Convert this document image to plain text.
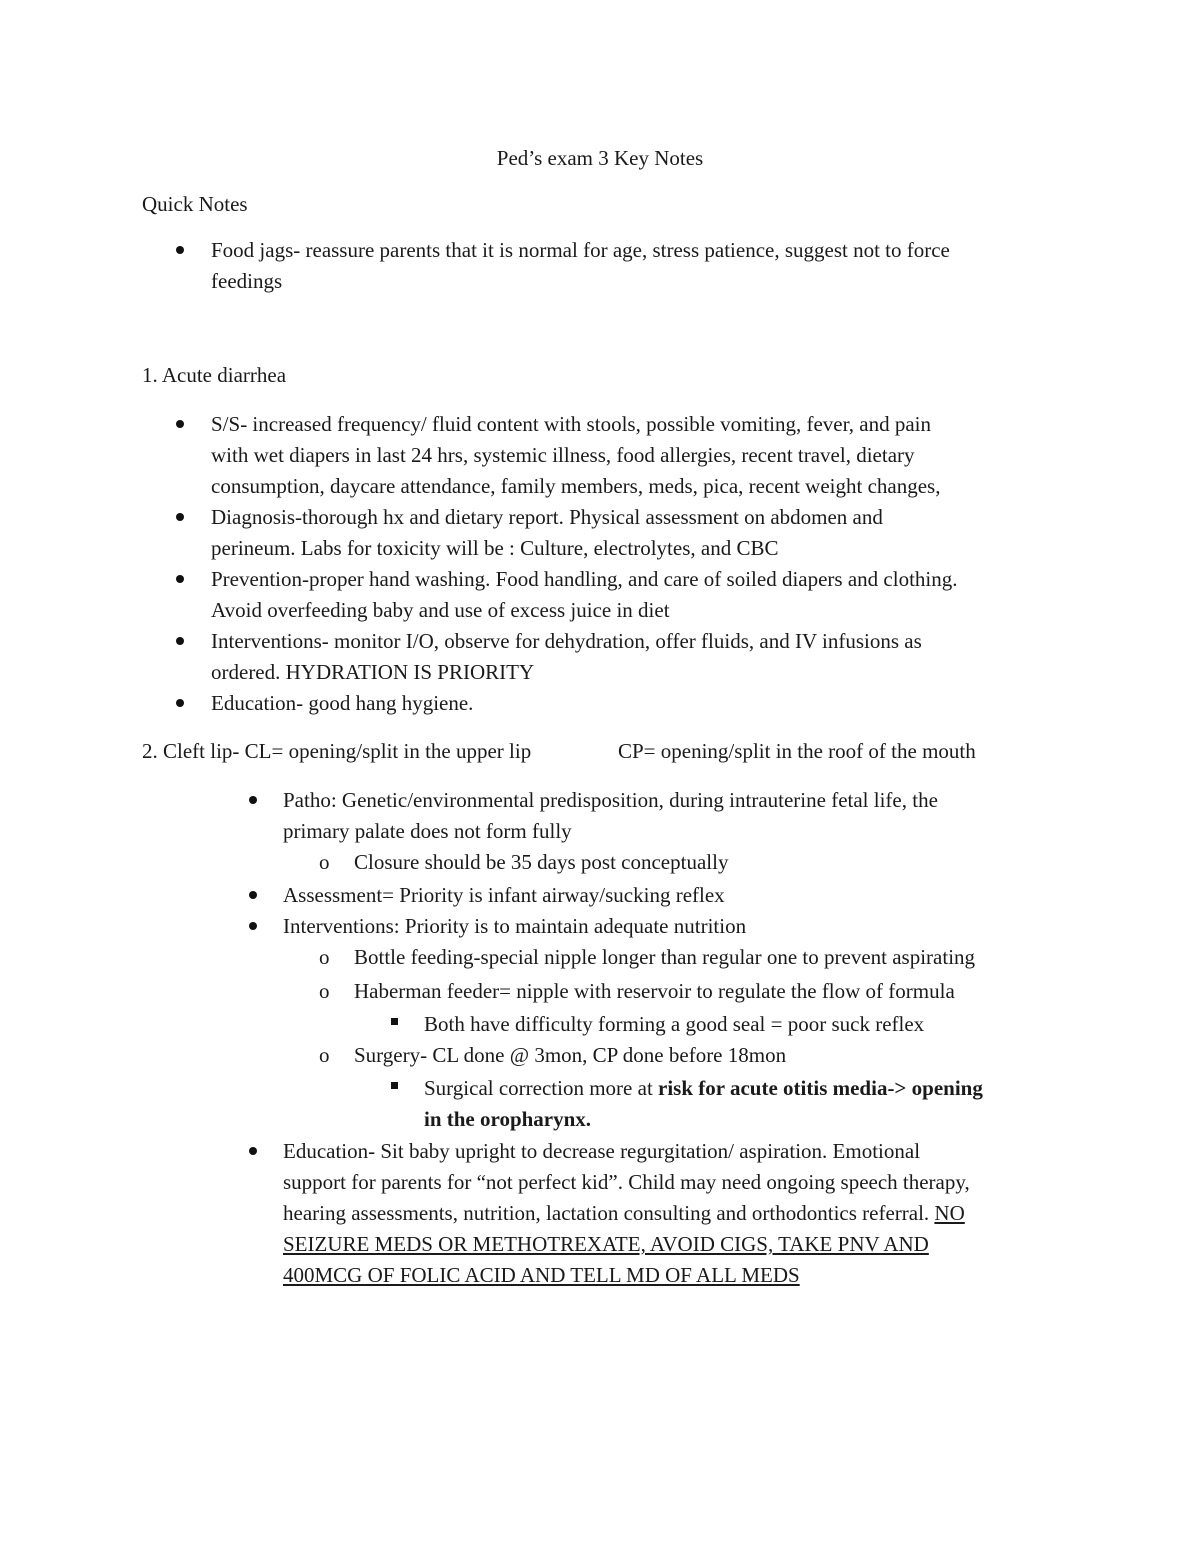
Ped’s exam 3 Key Notes
Quick Notes
Food jags- reassure parents that it is normal for age, stress patience, suggest not to force
feedings
1. Acute diarrhea
S/S- increased frequency/ fluid content with stools, possible vomiting, fever, and pain
with wet diapers in last 24 hrs, systemic illness, food allergies, recent travel, dietary
consumption, daycare attendance, family members, meds, pica, recent weight changes,
Diagnosis-thorough hx and dietary report. Physical assessment on abdomen and
perineum. Labs for toxicity will be : Culture, electrolytes, and CBC
Prevention-proper hand washing. Food handling, and care of soiled diapers and clothing.
Avoid overfeeding baby and use of excess juice in diet
Interventions- monitor I/O, observe for dehydration, offer fluids, and IV infusions as
ordered. HYDRATION IS PRIORITY
Education- good hang hygiene.
2. Cleft lip- CL= opening/split in the upper lip	CP= opening/split in the roof of the mouth
Patho: Genetic/environmental predisposition, during intrauterine fetal life, the
primary palate does not form fully
o Closure should be 35 days post conceptually
Assessment= Priority is infant airway/sucking reflex
Interventions: Priority is to maintain adequate nutrition
o Bottle feeding-special nipple longer than regular one to prevent aspirating
o Haberman feeder= nipple with reservoir to regulate the flow of formula
Both have difficulty forming a good seal = poor suck reflex
o Surgery- CL done @ 3mon, CP done before 18mon
Surgical correction more at risk for acute otitis media-> opening
in the oropharynx.
Education- Sit baby upright to decrease regurgitation/ aspiration. Emotional
support for parents for “not perfect kid”. Child may need ongoing speech therapy,
hearing assessments, nutrition, lactation consulting and orthodontics referral. NO
SEIZURE MEDS OR METHOTREXATE, AVOID CIGS, TAKE PNV AND
400MCG OF FOLIC ACID AND TELL MD OF ALL MEDS
